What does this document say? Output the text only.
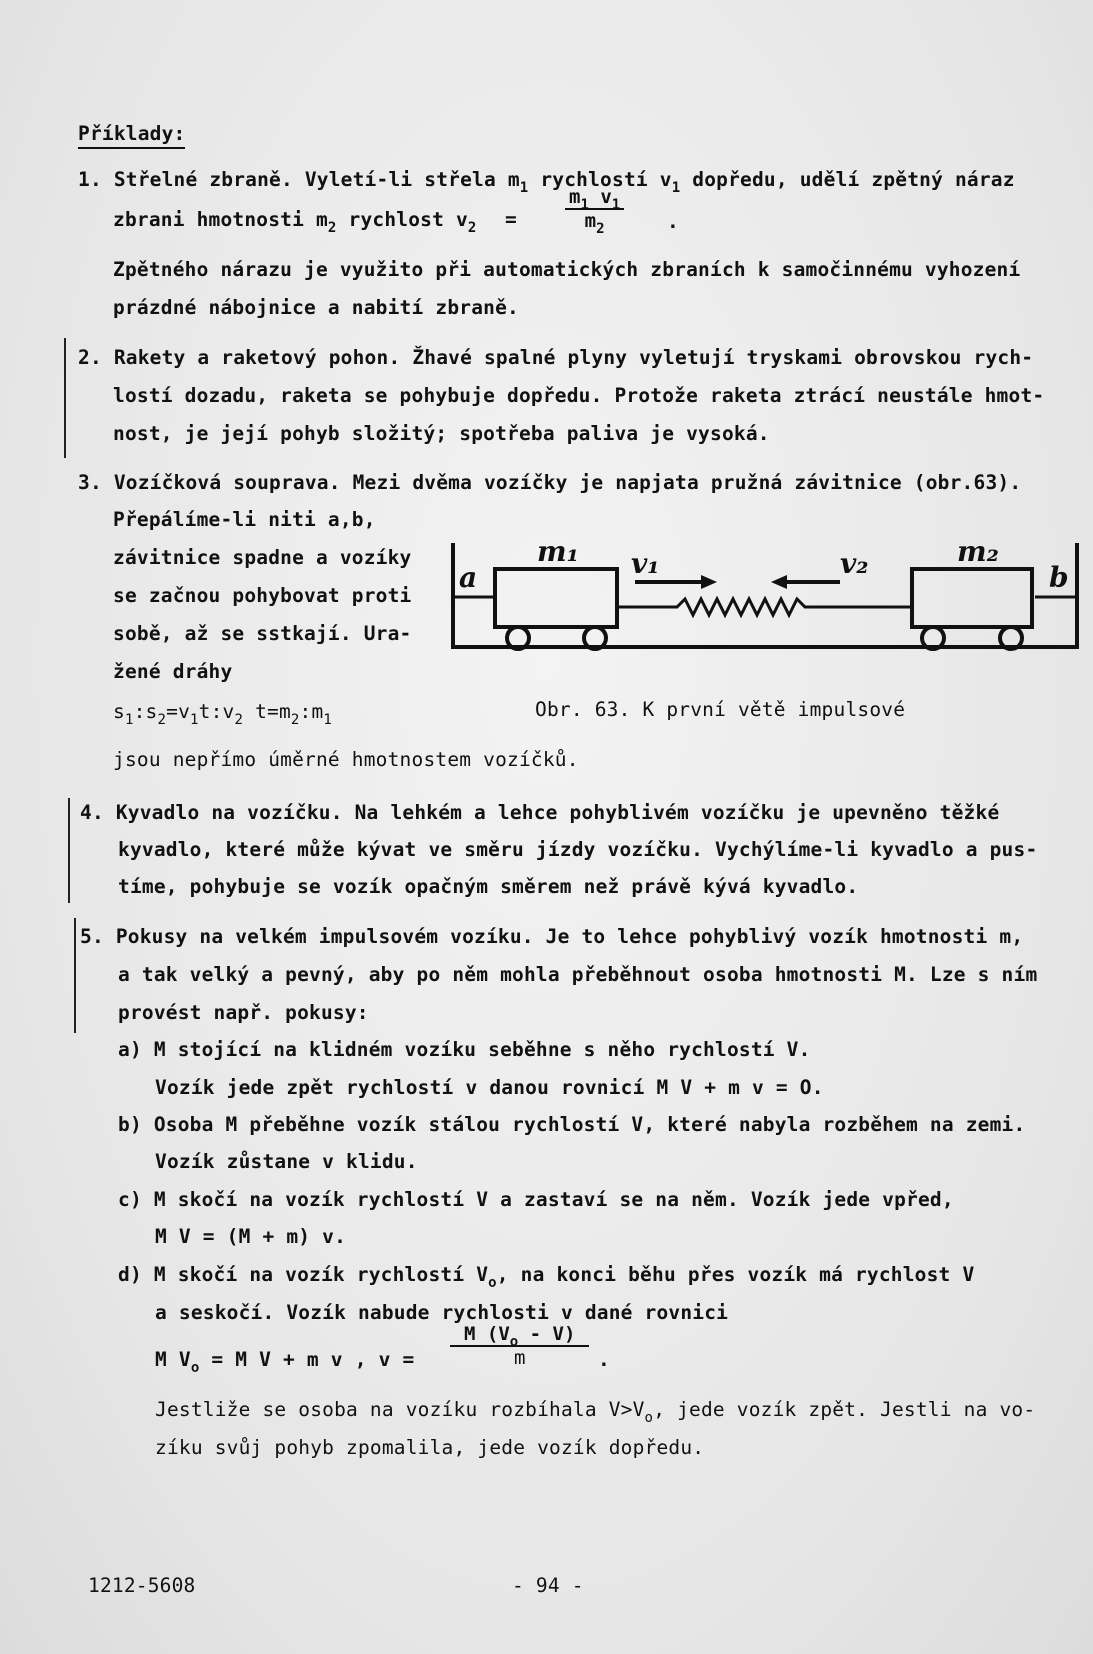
Příklady:
1. Střelné zbraně. Vyletí-li střela $m_1$ rychlostí $v_1$ dopředu, udělí zpětný náraz
zbrani hmotnosti $m_2$ rychlost $v_2$ =	$\frac{m_1 v_1}{m_2}$ .
Zpětného nárazu je využito při automatických zbraních k samočinnému vyhození
prázdné nábojnice a nabití zbraně.
2. Rakety a raketový pohon. Žhavé spalné plyny vyletují tryskami obrovskou rych-
lostí dozadu, raketa se pohybuje dopředu. Protože raketa ztrácí neustále hmot-
nost, je její pohyb složitý; spotřeba paliva je vysoká.
3. Vozíčková souprava. Mezi dvěma vozíčky je napjata pružná závitnice (obr.63).
Přepálíme-li niti a,b,
závitnice spadne a vozíky
se začnou pohybovat proti
sobě, až se sstkají. Ura-
žené dráhy
$s_1:s_2=v_1t:v_2$ $t=m_2:m_1$	Obr. 63. K první větě impulsové
jsou nepřímo úměrné hmotnostem vozíčků.
a	b
m₁	m₂
v₁	v₂
4. Kyvadlo na vozíčku. Na lehkém a lehce pohyblivém vozíčku je upevněno těžké
kyvadlo, které může kývat ve směru jízdy vozíčku. Vychýlíme-li kyvadlo a pus-
tíme, pohybuje se vozík opačným směrem než právě kývá kyvadlo.
5. Pokusy na velkém impulsovém vozíku. Je to lehce pohyblivý vozík hmotnosti m,
a tak velký a pevný, aby po něm mohla přeběhnout osoba hmotnosti M. Lze s ním
provést např. pokusy:
a) M stojící na klidném vozíku seběhne s něho rychlostí V.
Vozík jede zpět rychlostí v danou rovnicí M V + m v = O.
b) Osoba M přeběhne vozík stálou rychlostí V, které nabyla rozběhem na zemi.
Vozík zůstane v klidu.
c) M skočí na vozík rychlostí V a zastaví se na něm. Vozík jede vpřed,
M V = (M + m) v.
d) M skočí na vozík rychlostí $V_o$, na konci běhu přes vozík má rychlost V
a seskočí. Vozík nabude rychlosti v dané rovnici
M $V_o = M$ V + m v , $v = \frac{M (V_o - V)}{m}$ .
Jestliže se osoba na vozíku rozbíhala $V>V_o$, jede vozík zpět. Jestli na vo-
zíku svůj pohyb zpomalila, jede vozík dopředu.
1212-5608	- 94 -
